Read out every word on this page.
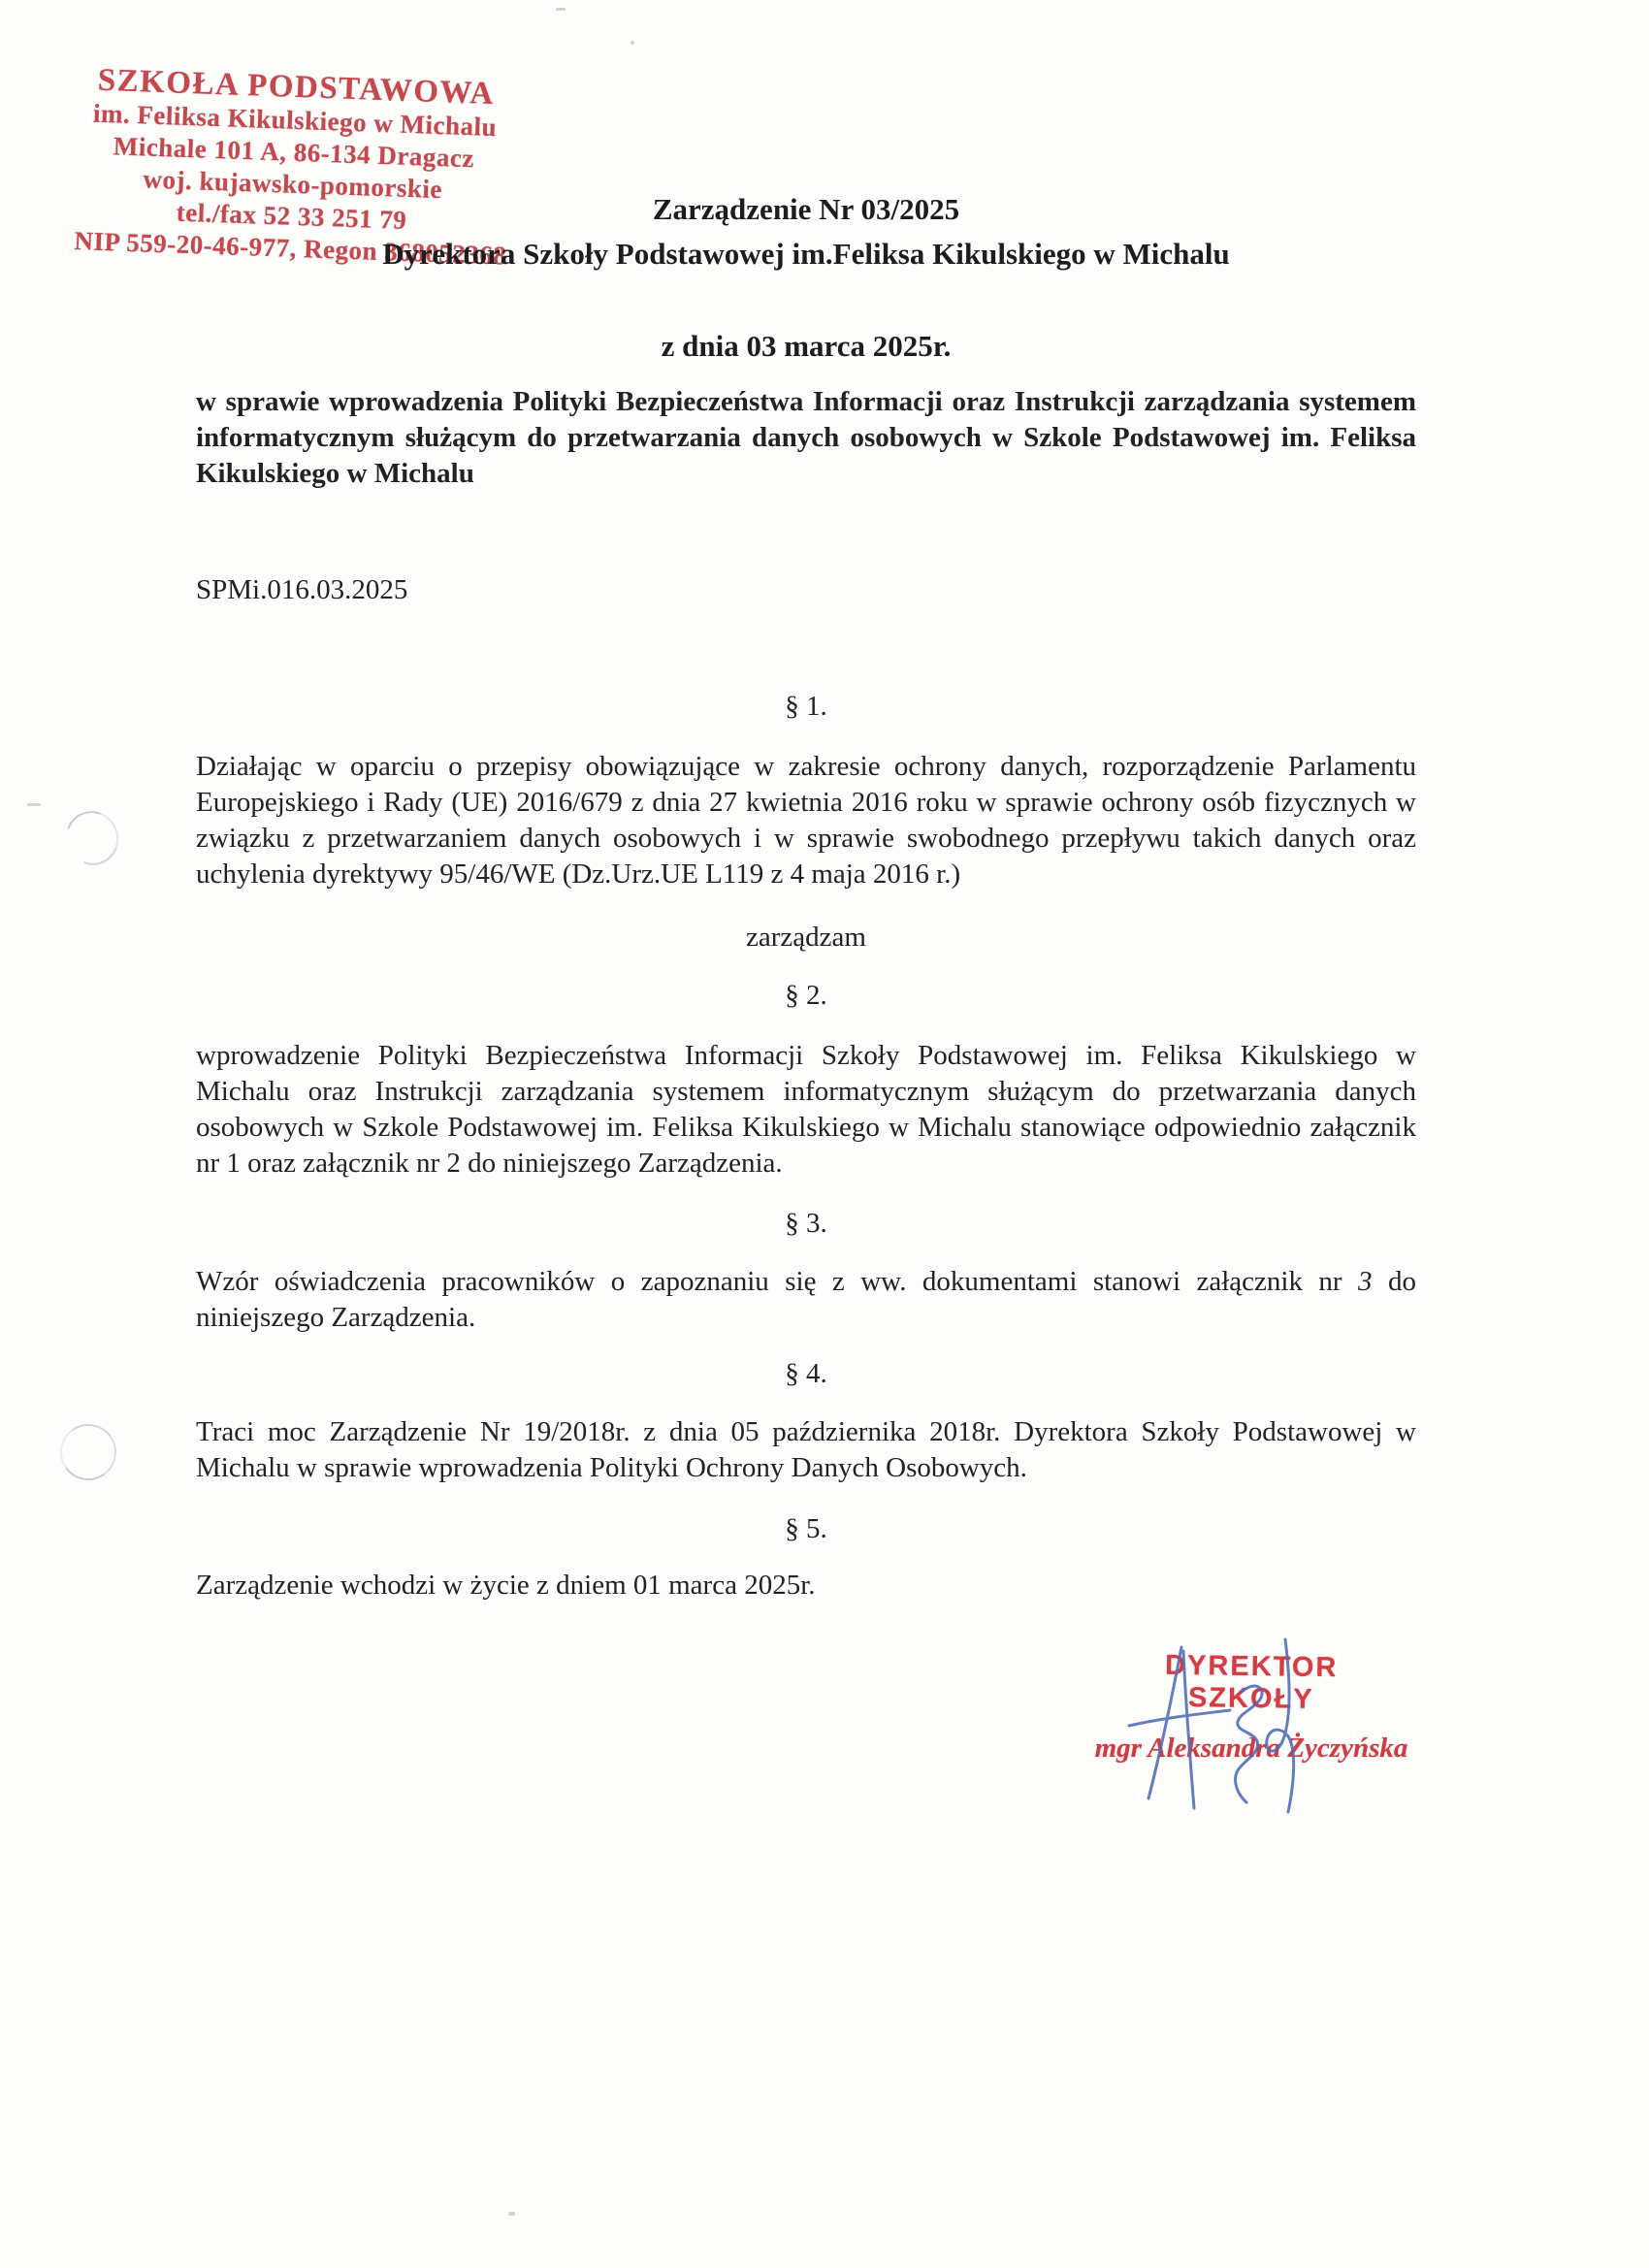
SZKOŁA PODSTAWOWA
im. Feliksa Kikulskiego w Michalu
Michale 101 A, 86-134 Dragacz
woj. kujawsko-pomorskie
tel./fax 52 33 251 79
NIP 559-20-46-977, Regon 368052368
Zarządzenie Nr 03/2025
Dyrektora Szkoły Podstawowej im.Feliksa Kikulskiego w Michalu
z dnia 03 marca 2025r.
w sprawie wprowadzenia Polityki Bezpieczeństwa Informacji oraz Instrukcji zarządzania systemem informatycznym służącym do przetwarzania danych osobowych w Szkole Podstawowej im. Feliksa Kikulskiego w Michalu
SPMi.016.03.2025
§ 1.
Działając w oparciu o przepisy obowiązujące w zakresie ochrony danych, rozporządzenie Parlamentu Europejskiego i Rady (UE) 2016/679 z dnia 27 kwietnia 2016 roku w sprawie ochrony osób fizycznych w związku z przetwarzaniem danych osobowych i w sprawie swobodnego przepływu takich danych oraz uchylenia dyrektywy 95/46/WE (Dz.Urz.UE L119 z 4 maja 2016 r.)
zarządzam
§ 2.
wprowadzenie Polityki Bezpieczeństwa Informacji Szkoły Podstawowej im. Feliksa Kikulskiego w Michalu oraz Instrukcji zarządzania systemem informatycznym służącym do przetwarzania danych osobowych w Szkole Podstawowej im. Feliksa Kikulskiego w Michalu stanowiące odpowiednio załącznik nr 1 oraz załącznik nr 2 do niniejszego Zarządzenia.
§ 3.
Wzór oświadczenia pracowników o zapoznaniu się z ww. dokumentami stanowi załącznik nr 3 do niniejszego Zarządzenia.
§ 4.
Traci moc Zarządzenie Nr 19/2018r. z dnia 05 października 2018r. Dyrektora Szkoły Podstawowej w Michalu w sprawie wprowadzenia Polityki Ochrony Danych Osobowych.
§ 5.
Zarządzenie wchodzi w życie z dniem 01 marca 2025r.
DYREKTOR SZKOŁY
mgr Aleksandra Życzyńska
